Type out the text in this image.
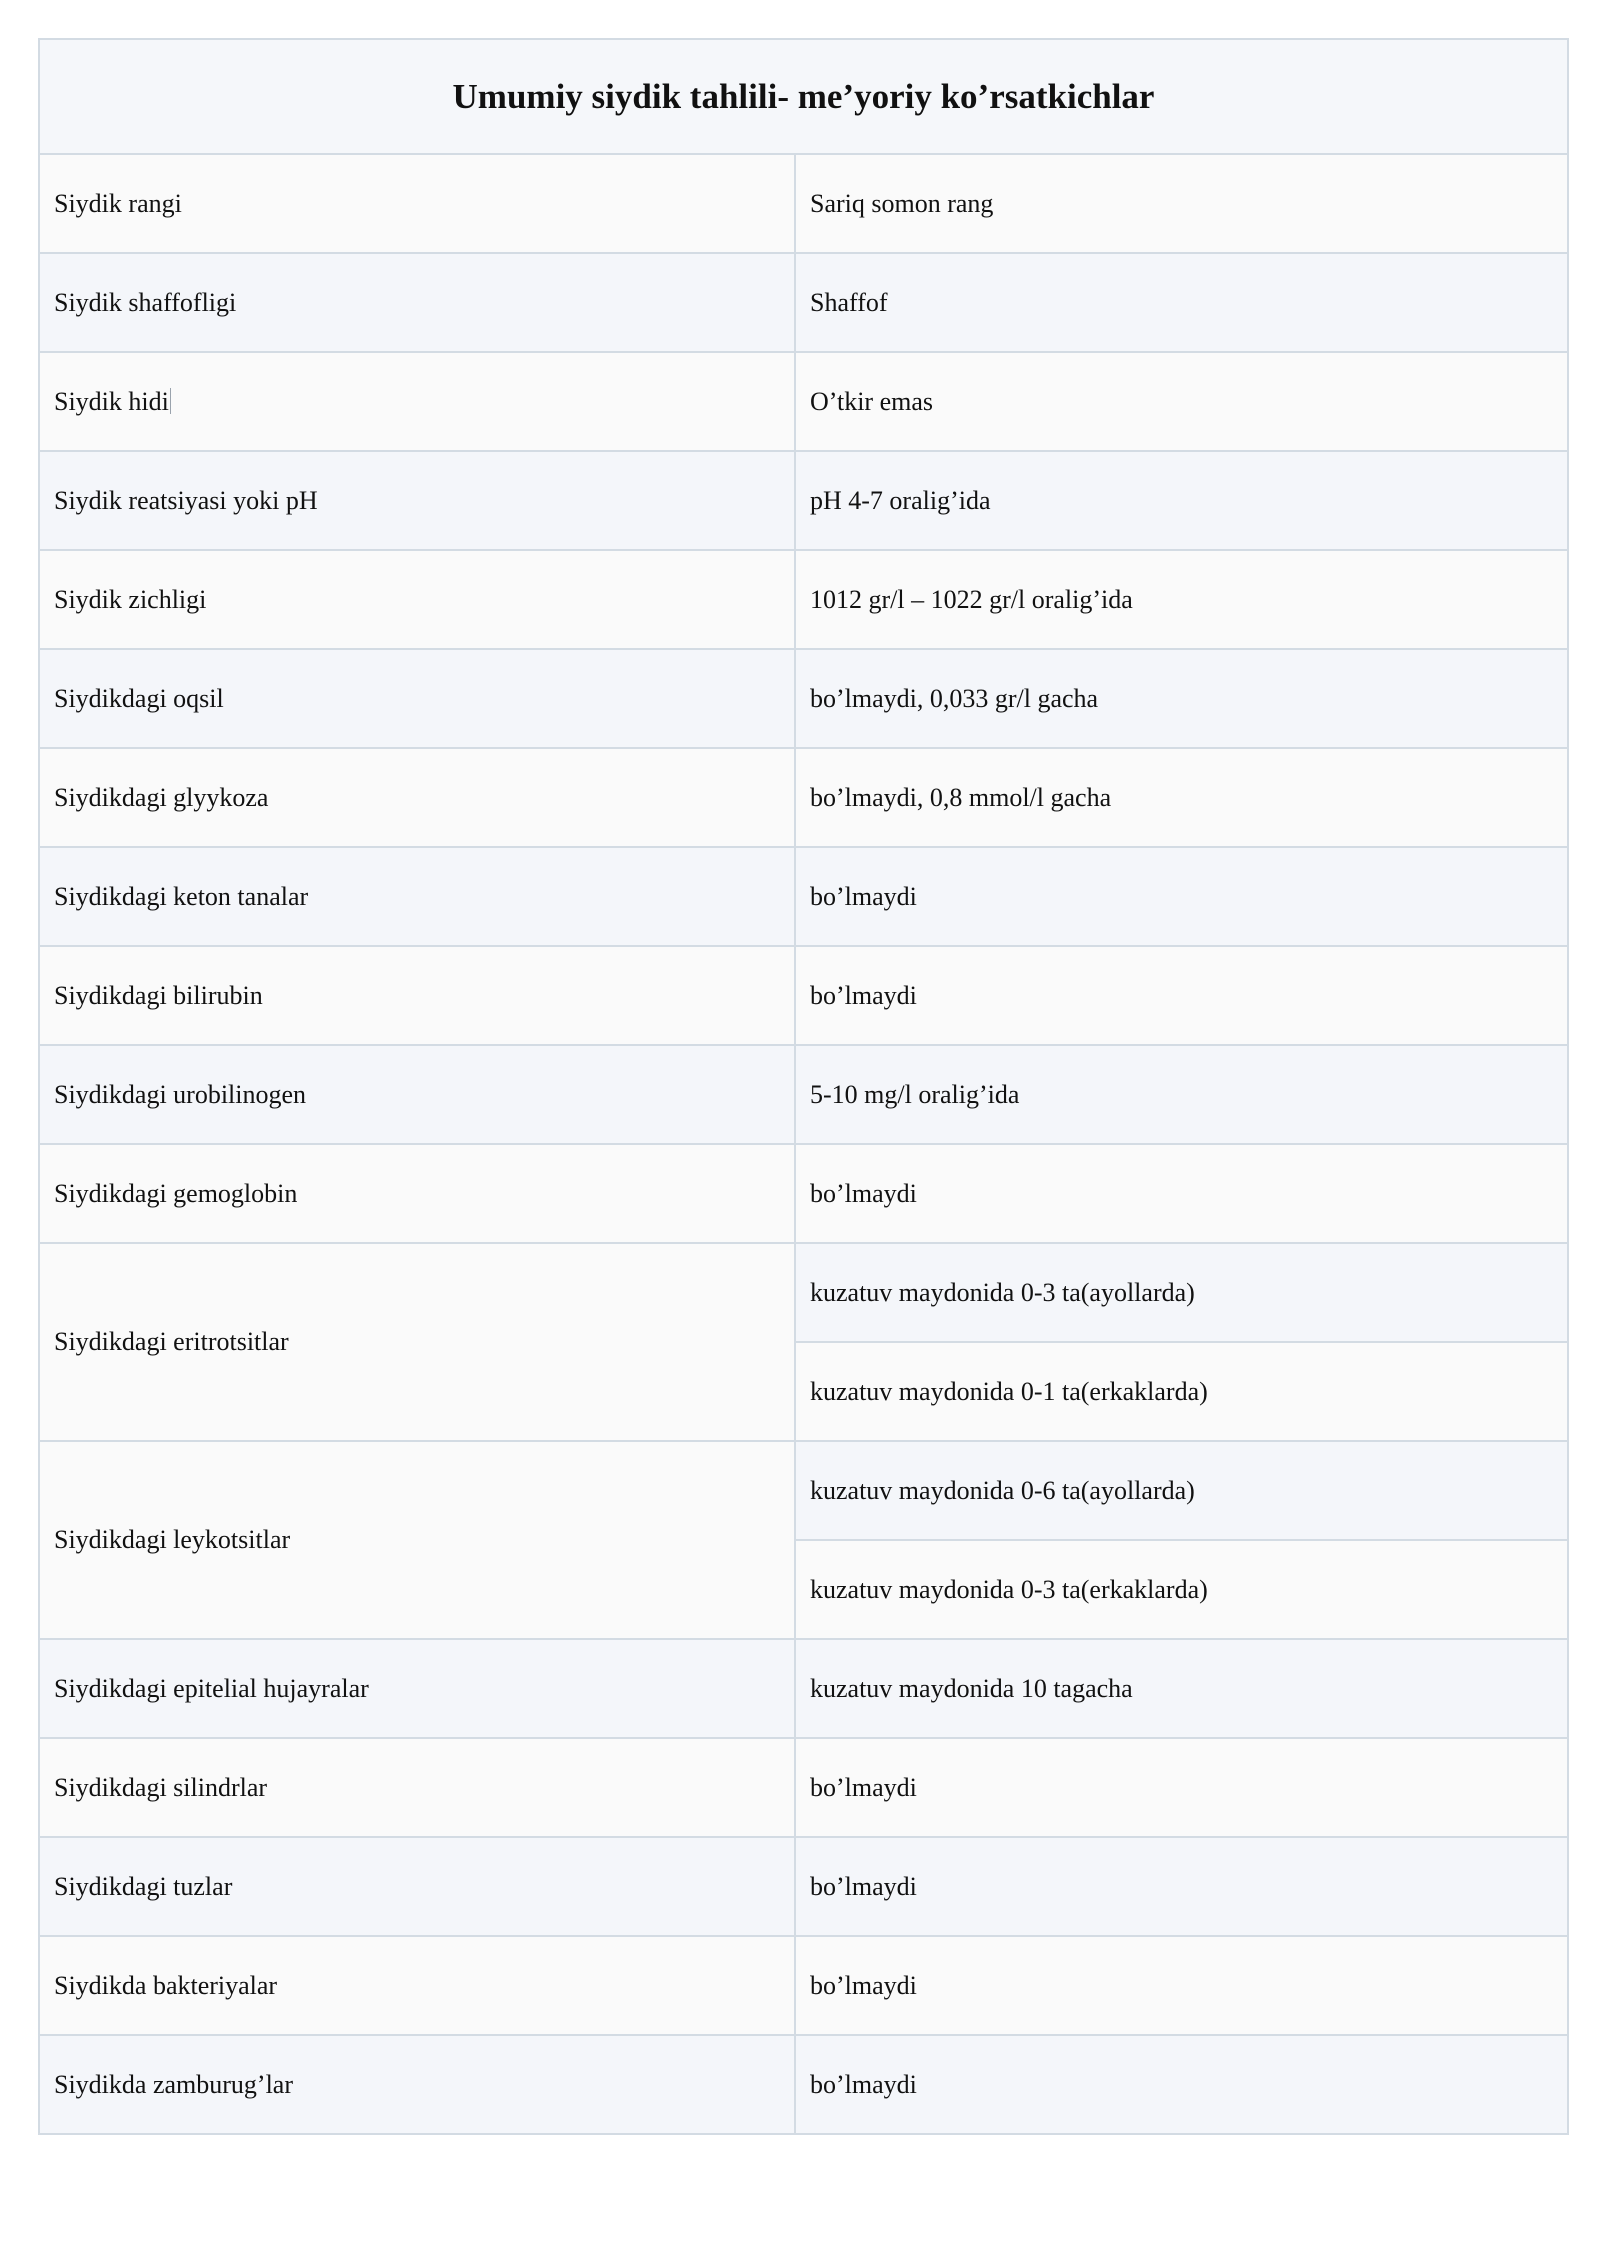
Umumiy siydik tahlili- me’yoriy ko’rsatkichlar	
Siydik rangi	Sariq somon rang
Siydik shaffofligi	Shaffof
Siydik hidi	O’tkir emas
Siydik reatsiyasi yoki pH	pH 4-7 oralig’ida
Siydik zichligi	1012 gr/l – 1022 gr/l oralig’ida
Siydikdagi oqsil	bo’lmaydi, 0,033 gr/l gacha
Siydikdagi glyykoza	bo’lmaydi, 0,8 mmol/l gacha
Siydikdagi keton tanalar	bo’lmaydi
Siydikdagi bilirubin	bo’lmaydi
Siydikdagi urobilinogen	5-10 mg/l oralig’ida
Siydikdagi gemoglobin	bo’lmaydi
Siydikdagi eritrotsitlar	kuzatuv maydonida 0-3 ta(ayollarda)
	kuzatuv maydonida 0-1 ta(erkaklarda)
Siydikdagi leykotsitlar	kuzatuv maydonida 0-6 ta(ayollarda)
	kuzatuv maydonida 0-3 ta(erkaklarda)
Siydikdagi epitelial hujayralar	kuzatuv maydonida 10 tagacha
Siydikdagi silindrlar	bo’lmaydi
Siydikdagi tuzlar	bo’lmaydi
Siydikda bakteriyalar	bo’lmaydi
Siydikda zamburug’lar	bo’lmaydi
